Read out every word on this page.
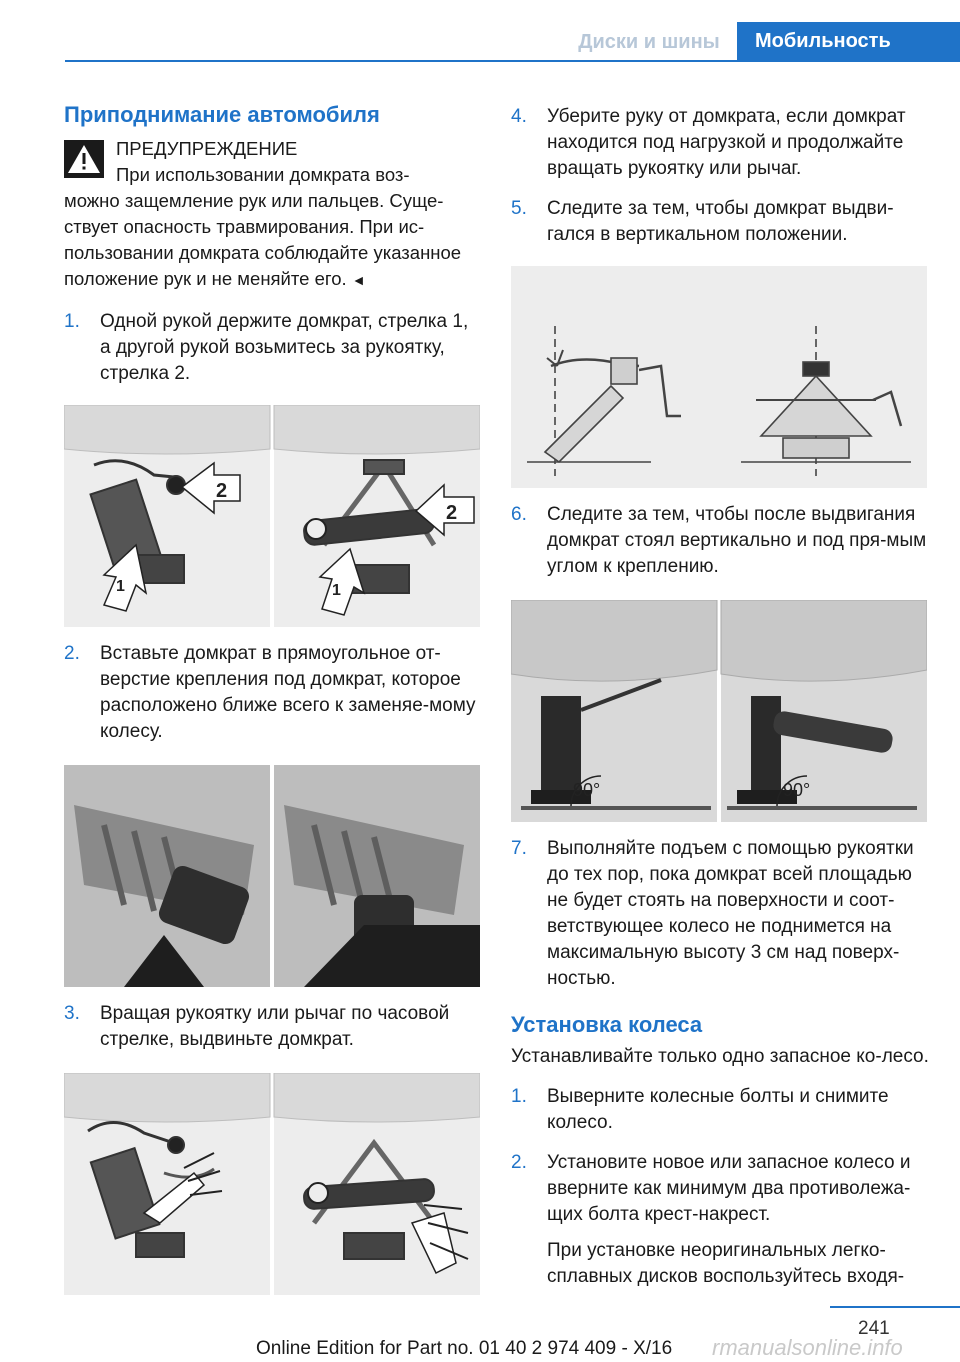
Диски и шины	Мобильность
Приподнимание автомобиля

ПРЕДУПРЕЖДЕНИЕ

При использовании домкрата воз-

можно защемление рук или пальцев. Суще-ствует опасность травмирования. При ис-пользовании домкрата соблюдайте указанное положение рук и не меняйте его. ◄

1.	Одной рукой держите домкрат, стрелка 1, а другой рукой возьмитесь за рукоятку, стрелка 2.

2
1
2
1
2.	Вставьте домкрат в прямоугольное от-верстие крепления под домкрат, которое расположено ближе всего к заменяе-мому колесу.

3.	Вращая рукоятку или рычаг по часовой стрелке, выдвиньте домкрат.

4.	Уберите руку от домкрата, если домкрат находится под нагрузкой и продолжайте вращать рукоятку или рычаг.

5.	Следите за тем, чтобы домкрат выдви-гался в вертикальном положении.

6.	Следите за тем, чтобы после выдвигания домкрат стоял вертикально и под пря-мым углом к креплению.

90°	90°
7.	Выполняйте подъем с помощью рукоятки до тех пор, пока домкрат всей площадью не будет стоять на поверхности и соот-ветствующее колесо не поднимется на максимальную высоту 3 см над поверх-ностью.

Установка колеса

Устанавливайте только одно запасное ко-лесо.

1.	Выверните колесные болты и снимите колесо.

2.	Установите новое или запасное колесо и вверните как минимум два противолежа-щих болта крест-накрест.

При установке неоригинальных легко-сплавных дисков воспользуйтесь входя-

241
Online Edition for Part no. 01 40 2 974 409 - X/16 rmanualsonline.info
